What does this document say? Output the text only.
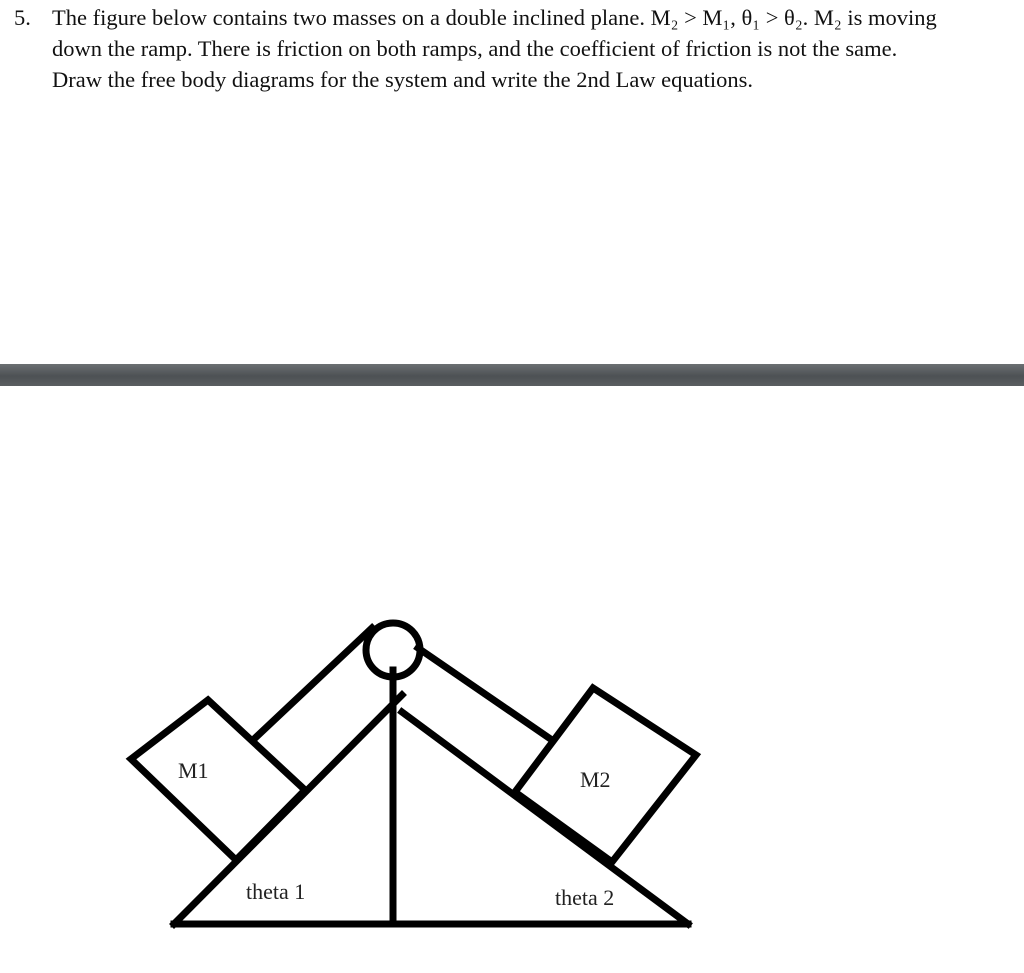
5. The figure below contains two masses on a double inclined plane. M₂ > M₁, θ₁ > θ₂. M₂ is moving
down the ramp. There is friction on both ramps, and the coefficient of friction is not the same.
Draw the free body diagrams for the system and write the 2nd Law equations.
M1	M2
theta 1	theta 2
